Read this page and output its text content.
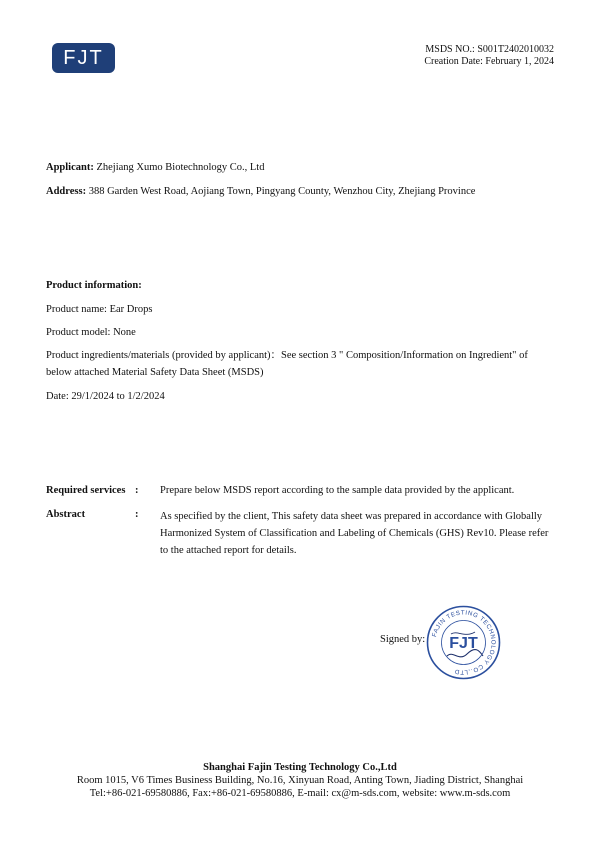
FJT	MSDS NO.: S001T2402010032
Creation Date: February 1, 2024
Applicant: Zhejiang Xumo Biotechnology Co., Ltd
Address: 388 Garden West Road, Aojiang Town, Pingyang County, Wenzhou City, Zhejiang Province
Product information:
Product name: Ear Drops
Product model: None
Product ingredients/materials (provided by applicant)：See section 3 " Composition/Information on Ingredient" of
below attached Material Safety Data Sheet (MSDS)
Date: 29/1/2024 to 1/2/2024
Required services : Prepare below MSDS report according to the sample data provided by the applicant.
Abstract	: As specified by the client, This safety data sheet was prepared in accordance with Globally
Harmonized System of Classification and Labeling of Chemicals (GHS) Rev10. Please refer
to the attached report for details.
Signed by: FAJIN TESTING TECHNOLOGY CO.,LTD
FJT
Shanghai Fajin Testing Technology Co.,Ltd
Room 1015, V6 Times Business Building, No.16, Xinyuan Road, Anting Town, Jiading District, Shanghai
Tel:+86-021-69580886, Fax:+86-021-69580886, E-mail: cx@m-sds.com, website: www.m-sds.com
